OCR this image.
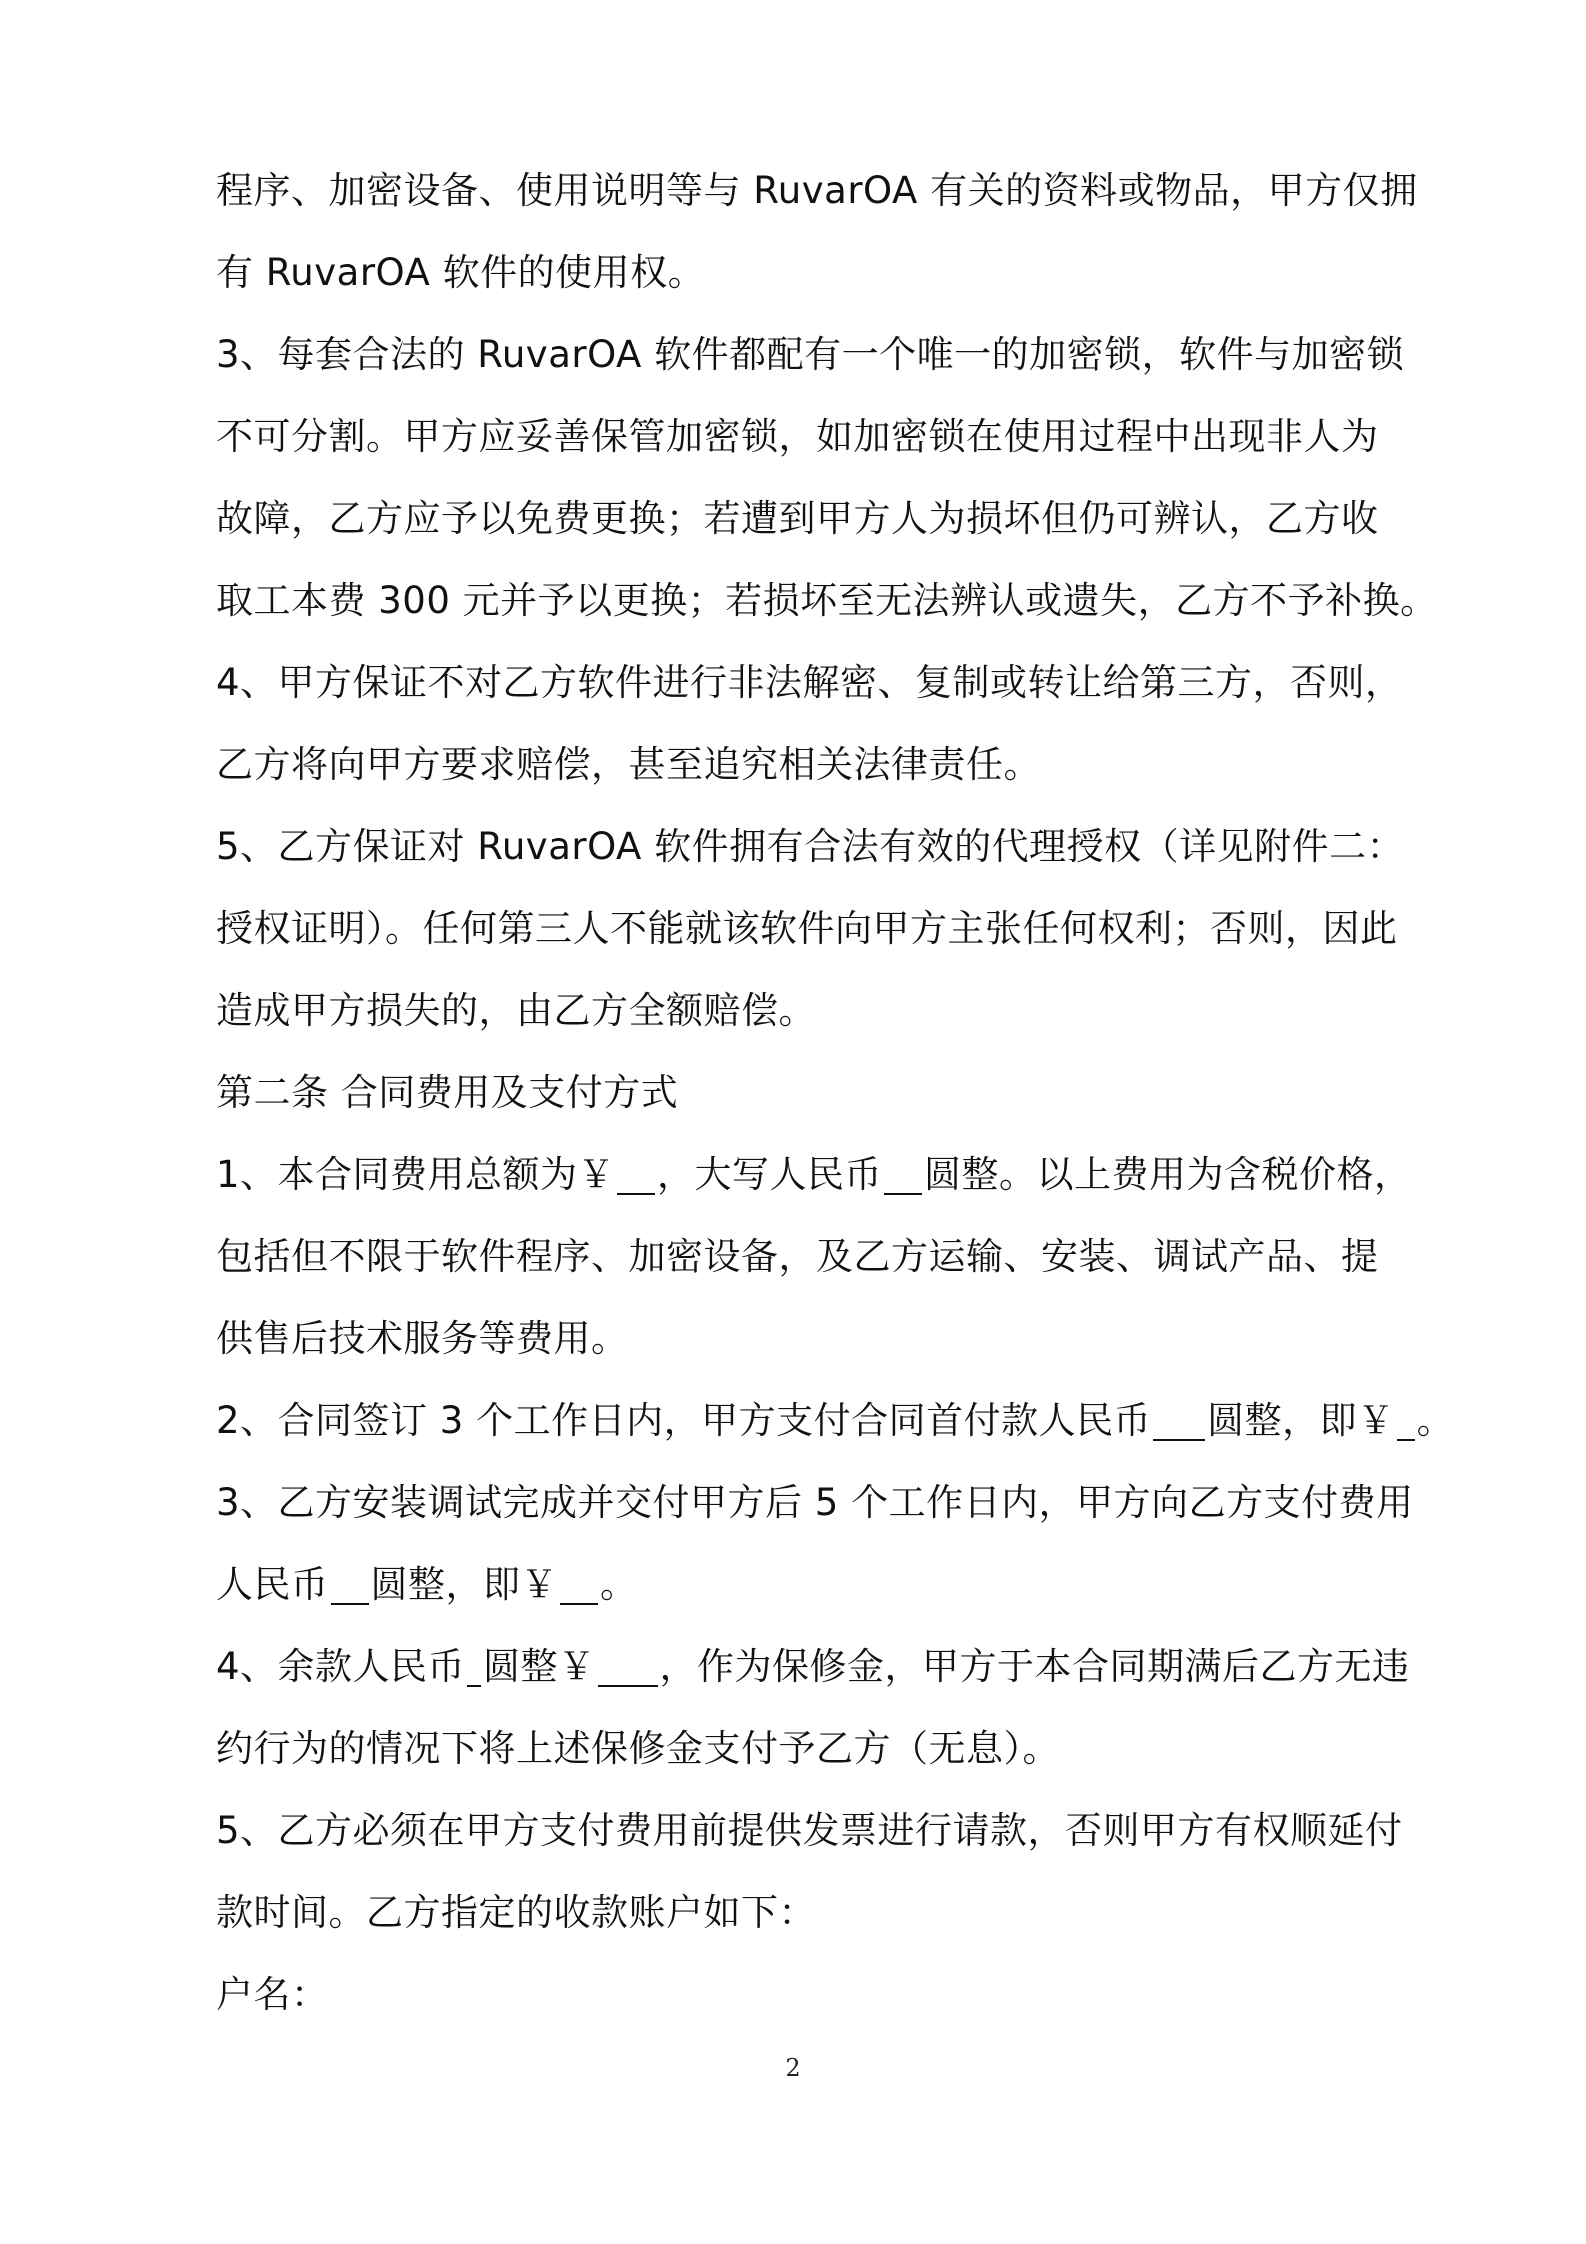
程序、加密设备、使用说明等与 RuvarOA 有关的资料或物品，甲方仅拥
有 RuvarOA 软件的使用权。
3、每套合法的 RuvarOA 软件都配有一个唯一的加密锁，软件与加密锁
不可分割。甲方应妥善保管加密锁，如加密锁在使用过程中出现非人为
故障，乙方应予以免费更换；若遭到甲方人为损坏但仍可辨认，乙方收
取工本费 300 元并予以更换；若损坏至无法辨认或遗失，乙方不予补换。
4、甲方保证不对乙方软件进行非法解密、复制或转让给第三方，否则，
乙方将向甲方要求赔偿，甚至追究相关法律责任。
5、乙方保证对 RuvarOA 软件拥有合法有效的代理授权（详见附件二：
授权证明）。任何第三人不能就该软件向甲方主张任何权利；否则，因此
造成甲方损失的，由乙方全额赔偿。
第二条 合同费用及支付方式
1、本合同费用总额为￥ ，大写人民币 圆整。以上费用为含税价格，
包括但不限于软件程序、加密设备，及乙方运输、安装、调试产品、提
供售后技术服务等费用。
2、合同签订 3 个工作日内，甲方支付合同首付款人民币 圆整，即￥ 。
3、乙方安装调试完成并交付甲方后 5 个工作日内，甲方向乙方支付费用
人民币 圆整，即￥ 。
4、余款人民币 圆整￥ ，作为保修金，甲方于本合同期满后乙方无违
约行为的情况下将上述保修金支付予乙方（无息）。
5、乙方必须在甲方支付费用前提供发票进行请款，否则甲方有权顺延付
款时间。乙方指定的收款账户如下：
户名：
2
